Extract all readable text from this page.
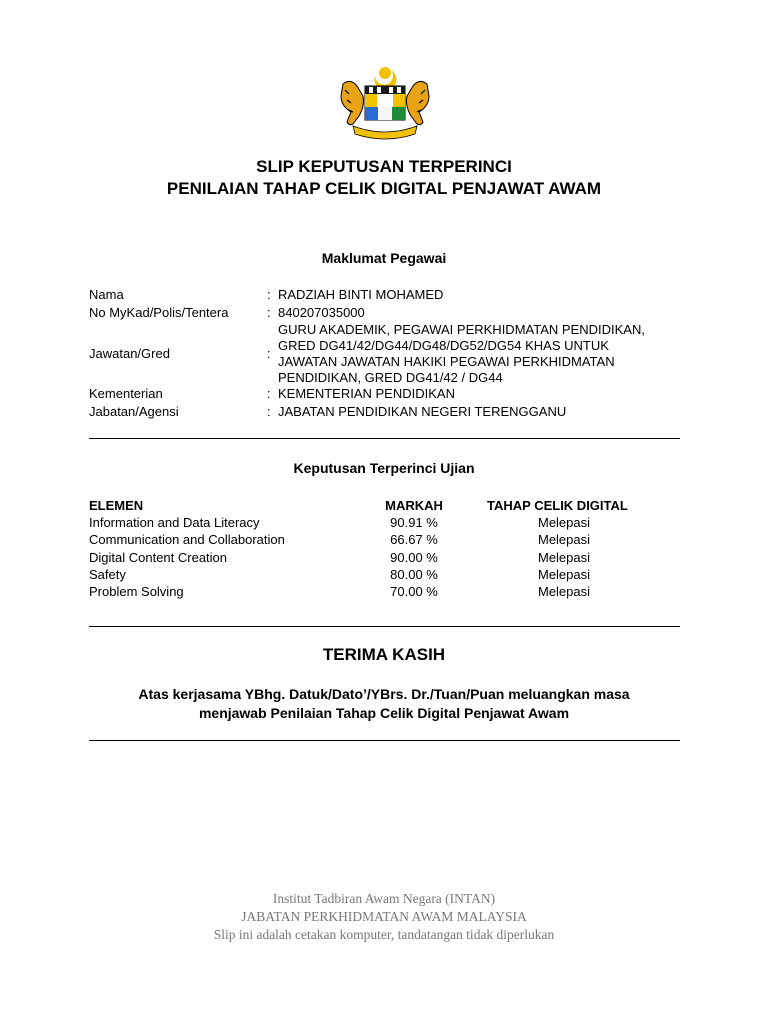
SLIP KEPUTUSAN TERPERINCI
PENILAIAN TAHAP CELIK DIGITAL PENJAWAT AWAM
Maklumat Pegawai
Nama	: RADZIAH BINTI MOHAMED
No MyKad/Polis/Tentera	: 840207035000
Jawatan/Gred	:
GURU AKADEMIK, PEGAWAI PERKHIDMATAN PENDIDIKAN,
GRED DG41/42/DG44/DG48/DG52/DG54 KHAS UNTUK
JAWATAN JAWATAN HAKIKI PEGAWAI PERKHIDMATAN
PENDIDIKAN, GRED DG41/42 / DG44
Kementerian	: KEMENTERIAN PENDIDIKAN
Jabatan/Agensi	: JABATAN PENDIDIKAN NEGERI TERENGGANU
Keputusan Terperinci Ujian
ELEMEN	MARKAH	TAHAP CELIK DIGITAL
Information and Data Literacy	90.91 %	Melepasi
Communication and Collaboration	66.67 %	Melepasi
Digital Content Creation	90.00 %	Melepasi
Safety	80.00 %	Melepasi
Problem Solving	70.00 %	Melepasi
TERIMA KASIH
Atas kerjasama YBhg. Datuk/Dato’/YBrs. Dr./Tuan/Puan meluangkan masa
menjawab Penilaian Tahap Celik Digital Penjawat Awam
Institut Tadbiran Awam Negara (INTAN)
JABATAN PERKHIDMATAN AWAM MALAYSIA
Slip ini adalah cetakan komputer, tandatangan tidak diperlukan
